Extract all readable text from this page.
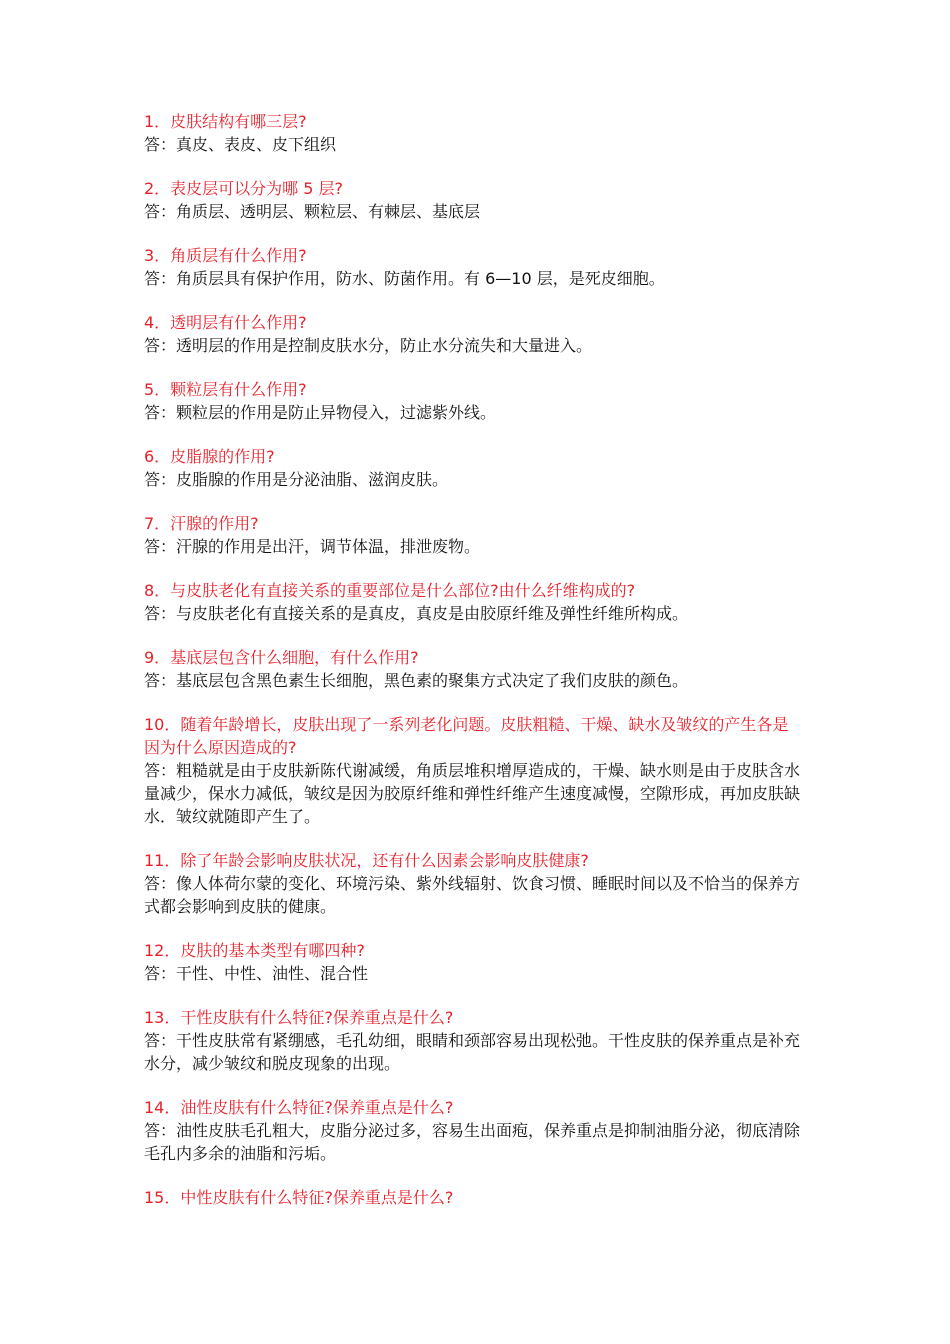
1．皮肤结构有哪三层?
答：真皮、表皮、皮下组织
2．表皮层可以分为哪 5 层?
答：角质层、透明层、颗粒层、有棘层、基底层
3．角质层有什么作用?
答：角质层具有保护作用，防水、防菌作用。有 6—10 层，是死皮细胞。
4．透明层有什么作用?
答：透明层的作用是控制皮肤水分，防止水分流失和大量进入。
5．颗粒层有什么作用?
答：颗粒层的作用是防止异物侵入，过滤紫外线。
6．皮脂腺的作用?
答：皮脂腺的作用是分泌油脂、滋润皮肤。
7．汗腺的作用?
答：汗腺的作用是出汗，调节体温，排泄废物。
8．与皮肤老化有直接关系的重要部位是什么部位?由什么纤维构成的?
答：与皮肤老化有直接关系的是真皮，真皮是由胶原纤维及弹性纤维所构成。
9．基底层包含什么细胞，有什么作用?
答：基底层包含黑色素生长细胞，黑色素的聚集方式决定了我们皮肤的颜色。
10．随着年龄增长，皮肤出现了一系列老化问题。皮肤粗糙、干燥、缺水及皱纹的产生各是因为什么原因造成的?
答：粗糙就是由于皮肤新陈代谢减缓，角质层堆积增厚造成的，干燥、缺水则是由于皮肤含水量减少，保水力减低，皱纹是因为胶原纤维和弹性纤维产生速度减慢，空隙形成，再加皮肤缺水．皱纹就随即产生了。
11．除了年龄会影响皮肤状况，还有什么因素会影响皮肤健康?
答：像人体荷尔蒙的变化、环境污染、紫外线辐射、饮食习惯、睡眠时间以及不恰当的保养方式都会影响到皮肤的健康。
12．皮肤的基本类型有哪四种?
答：干性、中性、油性、混合性
13．干性皮肤有什么特征?保养重点是什么?
答：干性皮肤常有紧绷感，毛孔幼细，眼睛和颈部容易出现松弛。干性皮肤的保养重点是补充水分，减少皱纹和脱皮现象的出现。
14．油性皮肤有什么特征?保养重点是什么?
答：油性皮肤毛孔粗大，皮脂分泌过多，容易生出面疱，保养重点是抑制油脂分泌，彻底清除毛孔内多余的油脂和污垢。
15．中性皮肤有什么特征?保养重点是什么?
